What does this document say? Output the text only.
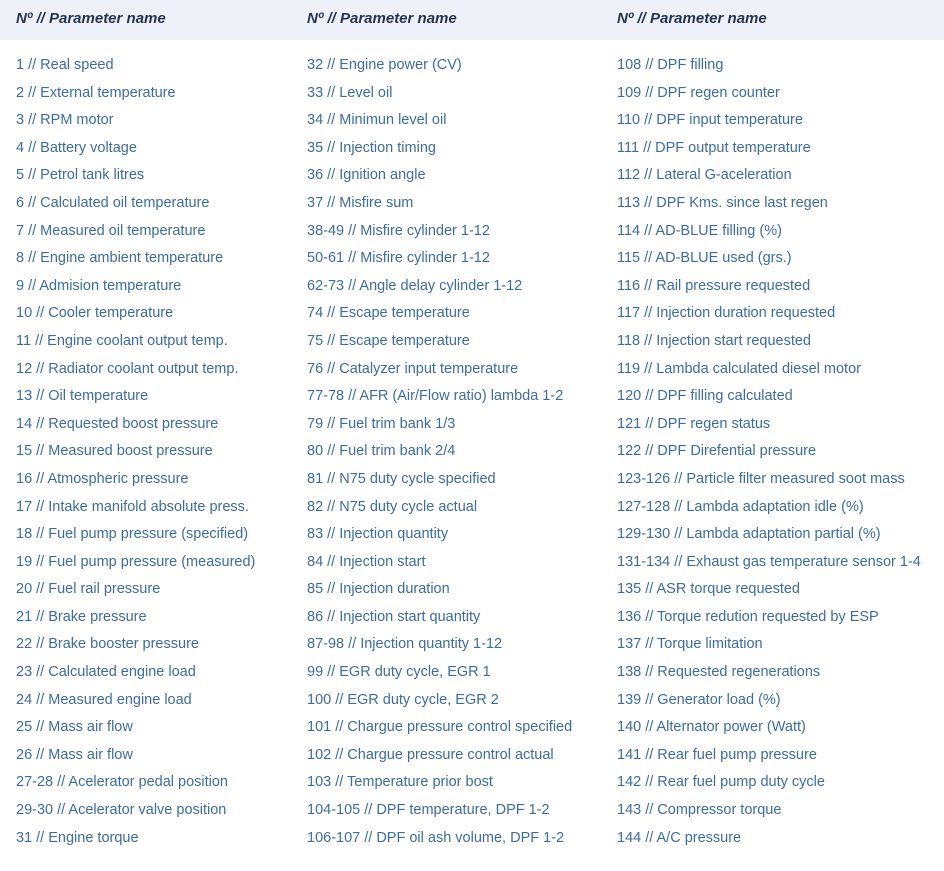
Nº // Parameter name	Nº // Parameter name	Nº // Parameter name
1 // Real speed
2 // External temperature
3 // RPM motor
4 // Battery voltage
5 // Petrol tank litres
6 // Calculated oil temperature
7 // Measured oil temperature
8 // Engine ambient temperature
9 // Admision temperature
10 // Cooler temperature
11 // Engine coolant output temp.
12 // Radiator coolant output temp.
13 // Oil temperature
14 // Requested boost pressure
15 // Measured boost pressure
16 // Atmospheric pressure
17 // Intake manifold absolute press.
18 // Fuel pump pressure (specified)
19 // Fuel pump pressure (measured)
20 // Fuel rail pressure
21 // Brake pressure
22 // Brake booster pressure
23 // Calculated engine load
24 // Measured engine load
25 // Mass air flow
26 // Mass air flow
27-28 // Acelerator pedal position
29-30 // Acelerator valve position
31 // Engine torque
32 // Engine power (CV)
33 // Level oil
34 // Minimun level oil
35 // Injection timing
36 // Ignition angle
37 // Misfire sum
38-49 // Misfire cylinder 1-12
50-61 // Misfire cylinder 1-12
62-73 // Angle delay cylinder 1-12
74 // Escape temperature
75 // Escape temperature
76 // Catalyzer input temperature
77-78 // AFR (Air/Flow ratio) lambda 1-2
79 // Fuel trim bank 1/3
80 // Fuel trim bank 2/4
81 // N75 duty cycle specified
82 // N75 duty cycle actual
83 // Injection quantity
84 // Injection start
85 // Injection duration
86 // Injection start quantity
87-98 // Injection quantity 1-12
99 // EGR duty cycle, EGR 1
100 // EGR duty cycle, EGR 2
101 // Chargue pressure control specified
102 // Chargue pressure control actual
103 // Temperature prior bost
104-105 // DPF temperature, DPF 1-2
106-107 // DPF oil ash volume, DPF 1-2
108 // DPF filling
109 // DPF regen counter
110 // DPF input temperature
111 // DPF output temperature
112 // Lateral G-aceleration
113 // DPF Kms. since last regen
114 // AD-BLUE filling (%)
115 // AD-BLUE used (grs.)
116 // Rail pressure requested
117 // Injection duration requested
118 // Injection start requested
119 // Lambda calculated diesel motor
120 // DPF filling calculated
121 // DPF regen status
122 // DPF Direfential pressure
123-126 // Particle filter measured soot mass
127-128 // Lambda adaptation idle (%)
129-130 // Lambda adaptation partial (%)
131-134 // Exhaust gas temperature sensor 1-4
135 // ASR torque requested
136 // Torque redution requested by ESP
137 // Torque limitation
138 // Requested regenerations
139 // Generator load (%)
140 // Alternator power (Watt)
141 // Rear fuel pump pressure
142 // Rear fuel pump duty cycle
143 // Compressor torque
144 // A/C pressure
